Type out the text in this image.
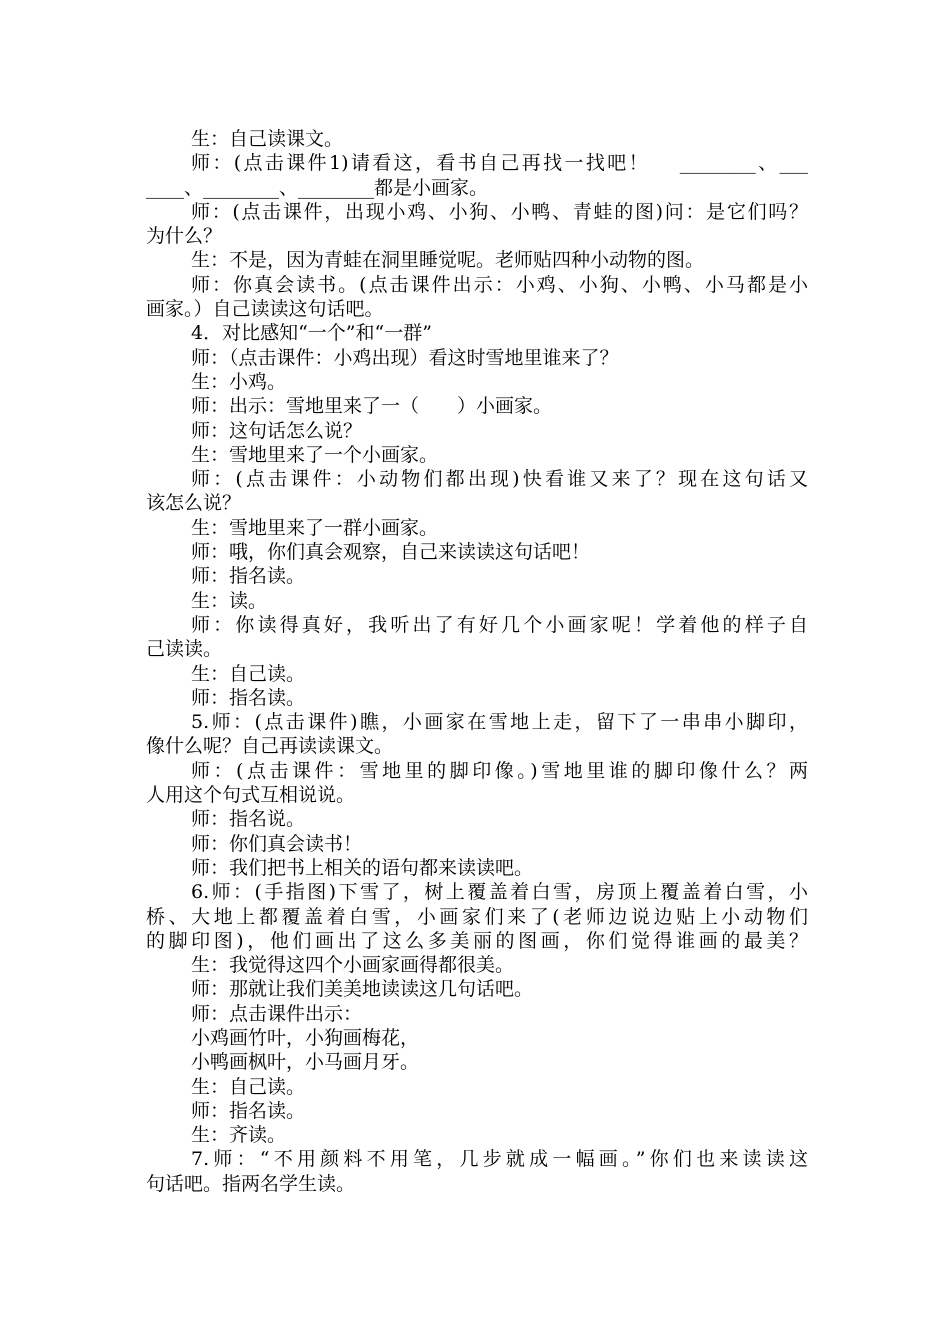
生：自己读课文。
师：(点击课件1)请看这，看书自己再找一找吧！　 ________、___
____、________、________都是小画家。
师：(点击课件，出现小鸡、小狗、小鸭、青蛙的图)问：是它们吗？
为什么？
生：不是，因为青蛙在洞里睡觉呢。老师贴四种小动物的图。
师：你真会读书。(点击课件出示：小鸡、小狗、小鸭、小马都是小
画家。）自己读读这句话吧。
4．对比感知“一个”和“一群”
师：（点击课件：小鸡出现）看这时雪地里谁来了？
生：小鸡。
师：出示：雪地里来了一（　　）小画家。
师：这句话怎么说？
生：雪地里来了一个小画家。
师：(点击课件：小动物们都出现)快看谁又来了？现在这句话又
该怎么说？
生：雪地里来了一群小画家。
师：哦，你们真会观察，自己来读读这句话吧！
师：指名读。
生：读。
师：你读得真好，我听出了有好几个小画家呢！学着他的样子自
己读读。
生：自己读。
师：指名读。
5.师：(点击课件)瞧，小画家在雪地上走，留下了一串串小脚印，
像什么呢？自己再读读课文。
师：(点击课件：雪地里的脚印像。)雪地里谁的脚印像什么？两
人用这个句式互相说说。
师：指名说。
师：你们真会读书！
师：我们把书上相关的语句都来读读吧。
6.师：(手指图)下雪了，树上覆盖着白雪，房顶上覆盖着白雪，小
桥、大地上都覆盖着白雪，小画家们来了(老师边说边贴上小动物们
的脚印图)，他们画出了这么多美丽的图画，你们觉得谁画的最美？
生：我觉得这四个小画家画得都很美。
师：那就让我们美美地读读这几句话吧。
师：点击课件出示：
小鸡画竹叶，小狗画梅花，
小鸭画枫叶，小马画月牙。
生：自己读。
师：指名读。
生：齐读。
7.师：“不用颜料不用笔，几步就成一幅画。”你们也来读读这
句话吧。指两名学生读。
